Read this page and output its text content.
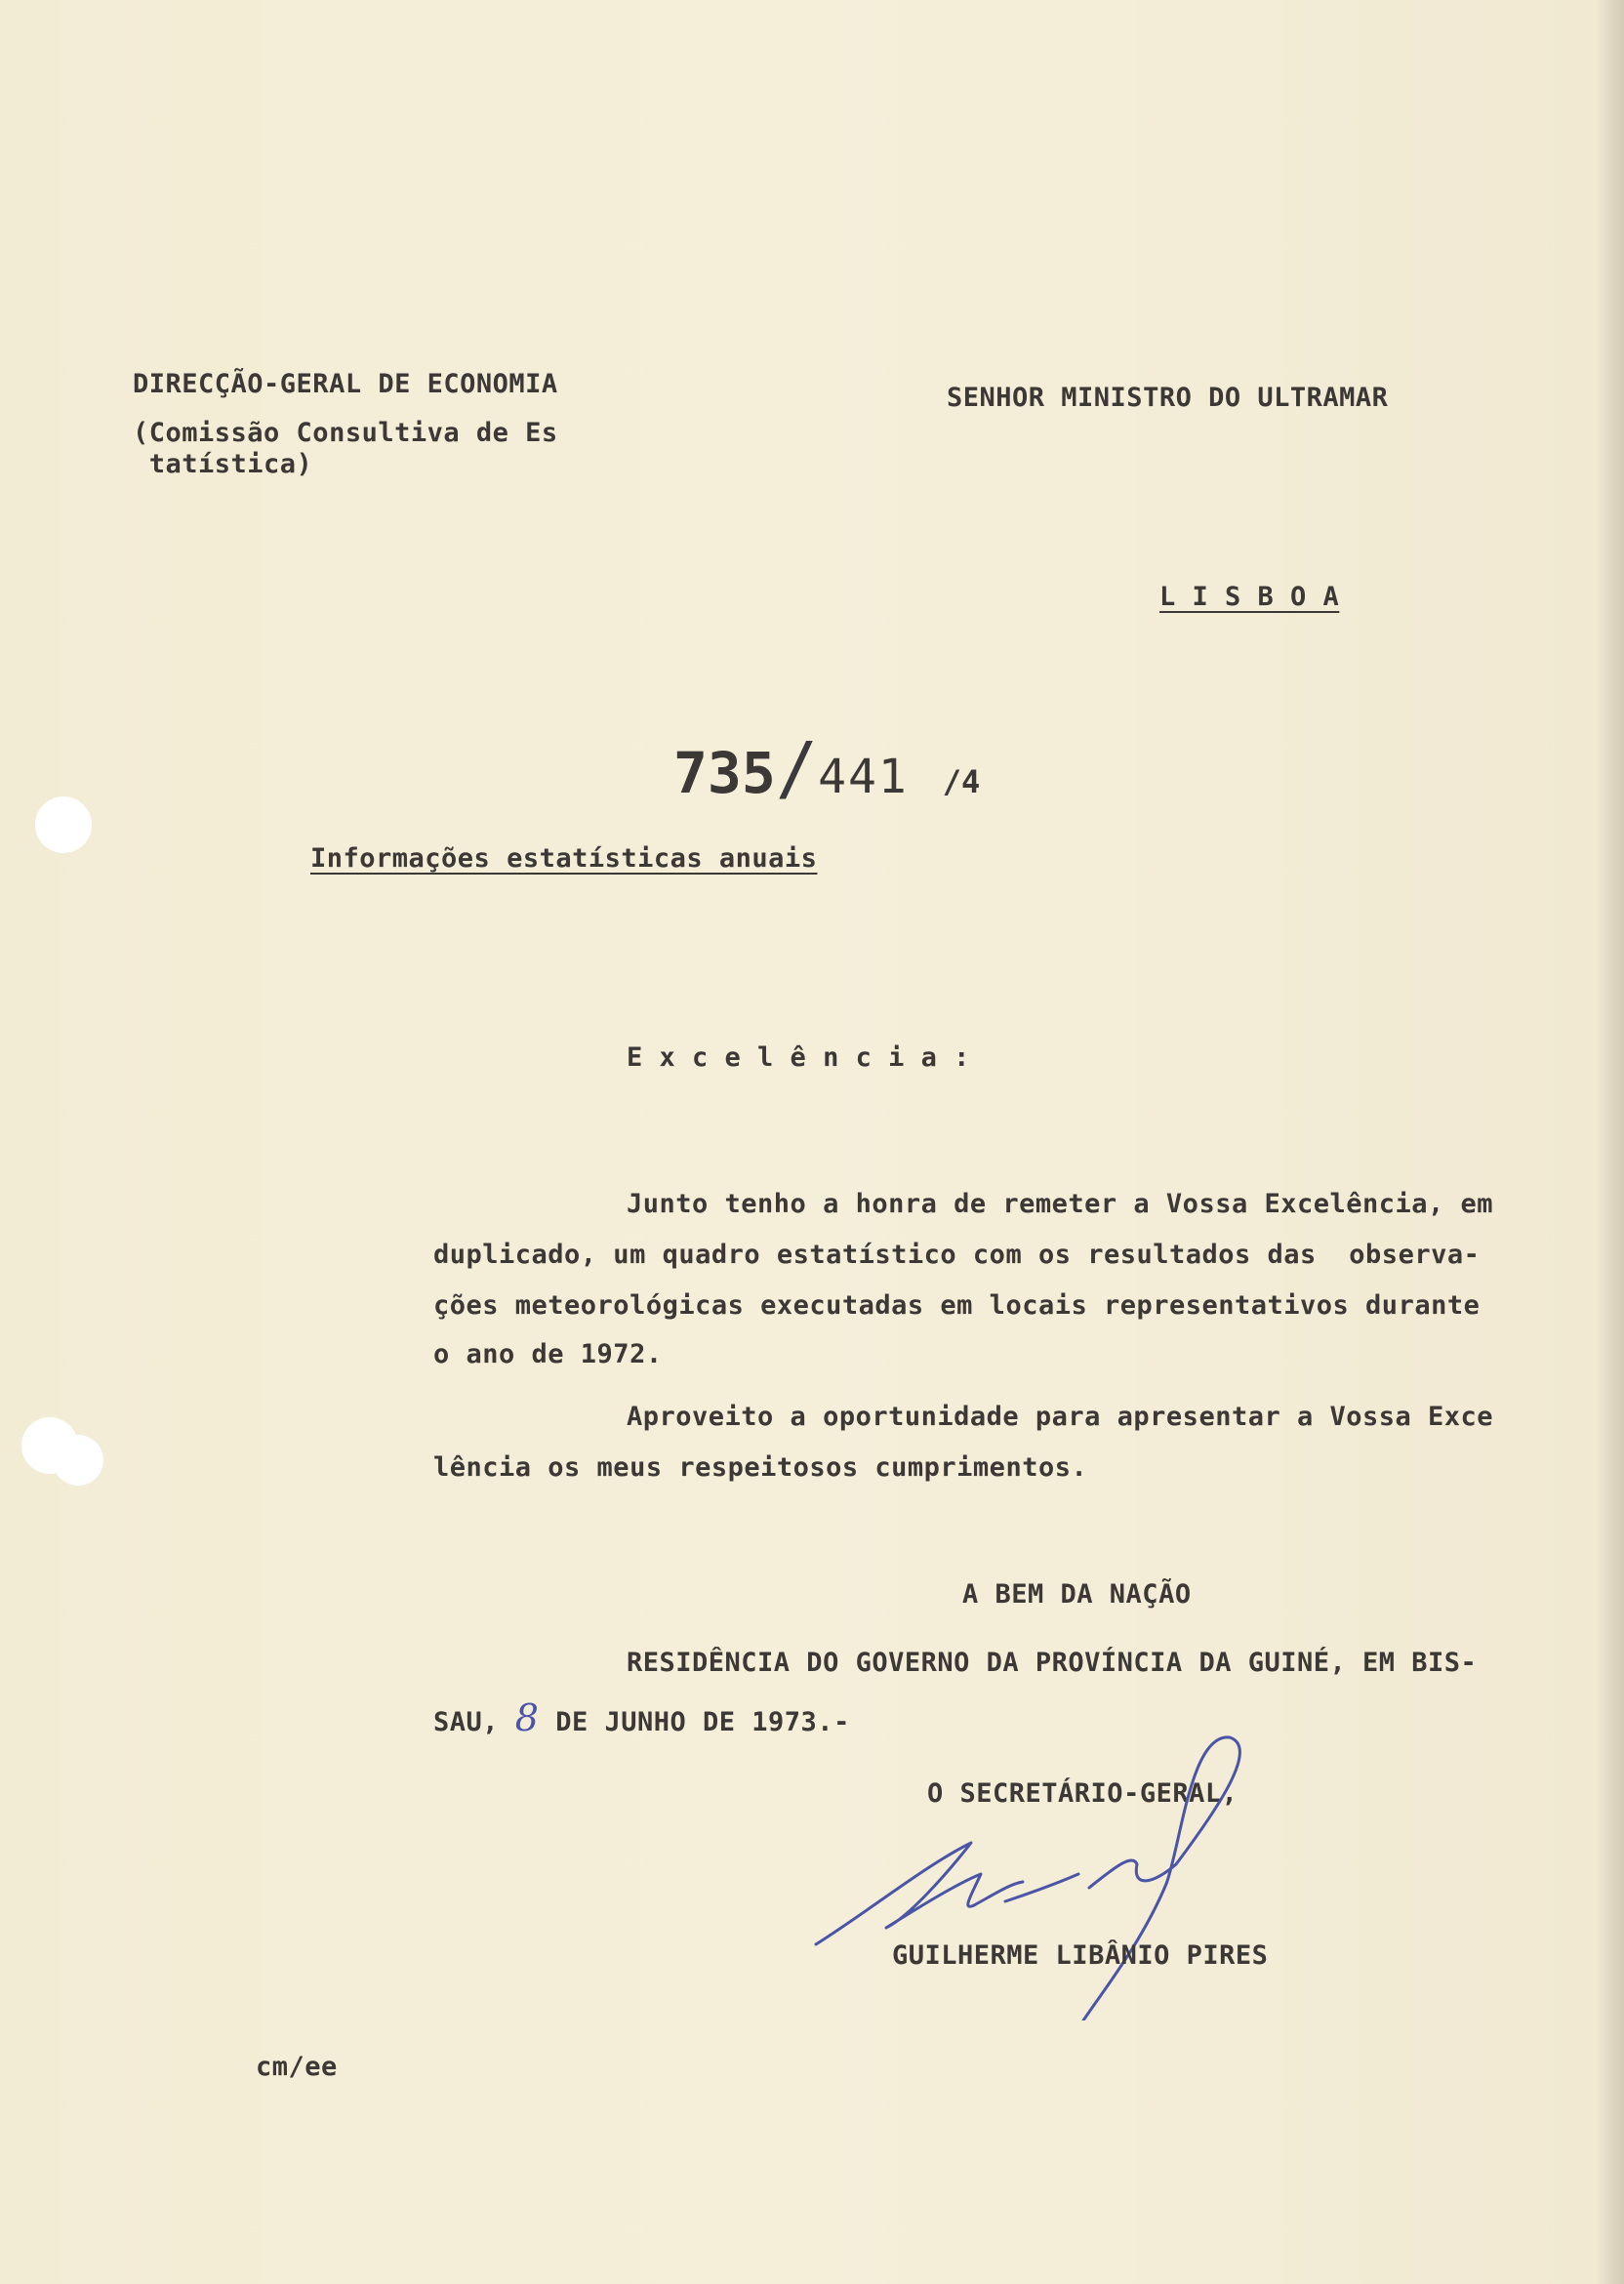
DIRECÇÃO-GERAL DE ECONOMIA
(Comissão Consultiva de Es
tatística)
SENHOR MINISTRO DO ULTRAMAR
L I S B O A
735/441 /4
Informações estatísticas anuais
E x c e l ê n c i a :
Junto tenho a honra de remeter a Vossa Excelência, em
duplicado, um quadro estatístico com os resultados das  observa-
ções meteorológicas executadas em locais representativos durante
o ano de 1972.
Aproveito a oportunidade para apresentar a Vossa Exce
lência os meus respeitosos cumprimentos.
A BEM DA NAÇÃO
RESIDÊNCIA DO GOVERNO DA PROVÍNCIA DA GUINÉ, EM BIS-
SAU, 8 DE JUNHO DE 1973.-
O SECRETÁRIO-GERAL,
GUILHERME LIBÂNIO PIRES
cm/ee
